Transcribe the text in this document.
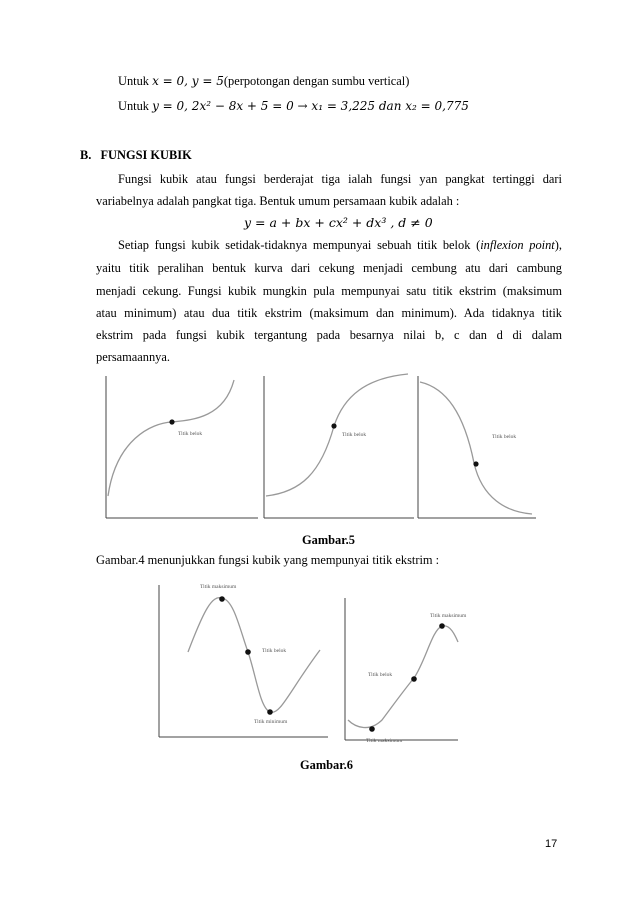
Untuk x = 0, y = 5(perpotongan dengan sumbu vertical)
Untuk y = 0, 2x² − 8x + 5 = 0 → x₁ = 3,225 dan x₂ = 0,775
B. FUNGSI KUBIK
Fungsi kubik atau fungsi berderajat tiga ialah fungsi yan pangkat tertinggi dari
variabelnya adalah pangkat tiga. Bentuk umum persamaan kubik adalah :
y = a + bx + cx² + dx³ , d ≠ 0
Setiap fungsi kubik setidak-tidaknya mempunyai sebuah titik belok (inflexion point),
yaitu titik peralihan bentuk kurva dari cekung menjadi cembung atu dari cambung
menjadi cekung. Fungsi kubik mungkin pula mempunyai satu titik ekstrim (maksimum
atau minimum) atau dua titik ekstrim (maksimum dan minimum). Ada tidaknya titik
ekstrim pada fungsi kubik tergantung pada besarnya nilai b, c dan d di dalam
persamaannya.
Titik belok	Titik belok	Titik belok
Gambar.5
Gambar.4 menunjukkan fungsi kubik yang mempunyai titik ekstrim :
Titik maksimum
Titik belok
Titik minimum
Titik maksimum
Titik belok
Titik maksimum
Gambar.6
17
